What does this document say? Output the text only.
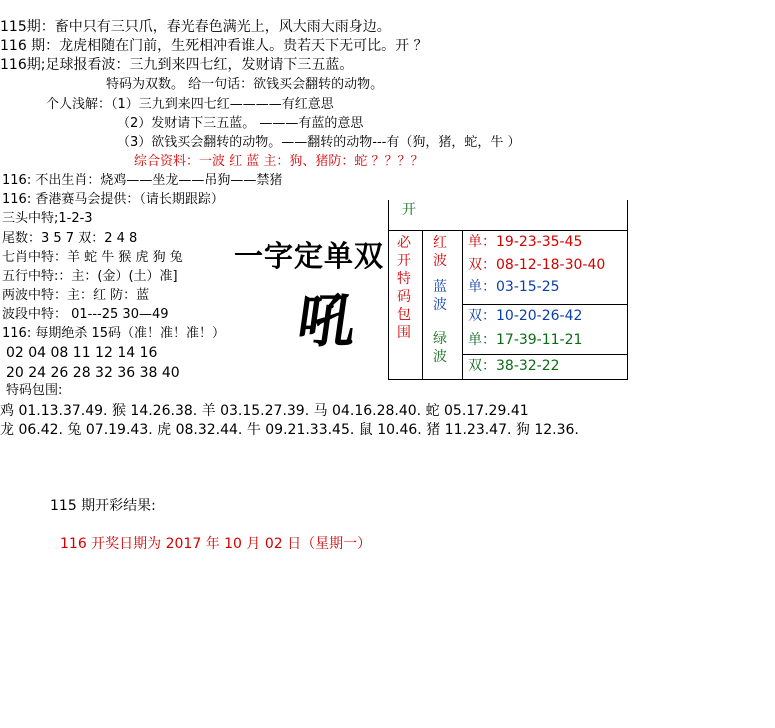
115期：畜中只有三只爪，春光春色满光上，风大雨大雨身边。
116 期：龙虎相随在门前，生死相冲看谁人。贵若天下无可比。开 ？
116期;足球报看波：三九到来四七红，发财请下三五蓝。
特码为双数。 给一句话：欲钱买会翻转的动物。
个人浅解：（1）三九到来四七红————有红意思
（2）发财请下三五蓝。 ———有蓝的意思
（3）欲钱买会翻转的动物。——翻转的动物---有（狗，猪，蛇，牛 ）
综合资料：一波 红 蓝 主：狗、猪防：蛇 ？？？？
116: 不出生肖：烧鸡——坐龙——吊狗——禁猪
116: 香港赛马会提供：（请长期跟踪）
三头中特;1-2-3
尾数：3 5 7 双：2 4 8
七肖中特：羊 蛇 牛 猴 虎 狗 兔
五行中特:：主：(金）(土）准]
两波中特：主：红 防：蓝
波段中特： 01---25 30—49
116: 每期绝杀 15码（准！准！准！）
02 04 08 11 12 14 16
20 24 26 28 32 36 38 40
特码包围:
鸡 01.13.37.49. 猴 14.26.38. 羊 03.15.27.39. 马 04.16.28.40. 蛇 05.17.29.41
龙 06.42. 兔 07.19.43. 虎 08.32.44. 牛 09.21.33.45. 鼠 10.46. 猪 11.23.47. 狗 12.36.
一字定单双
吼
115 期开彩结果:
116 开奖日期为 2017 年 10 月 02 日（星期一）
开
必开特码包围
红波
蓝波
绿波
单：19-23-35-45
双：08-12-18-30-40
单：03-15-25
双：10-20-26-42
单：17-39-11-21
双：38-32-22
